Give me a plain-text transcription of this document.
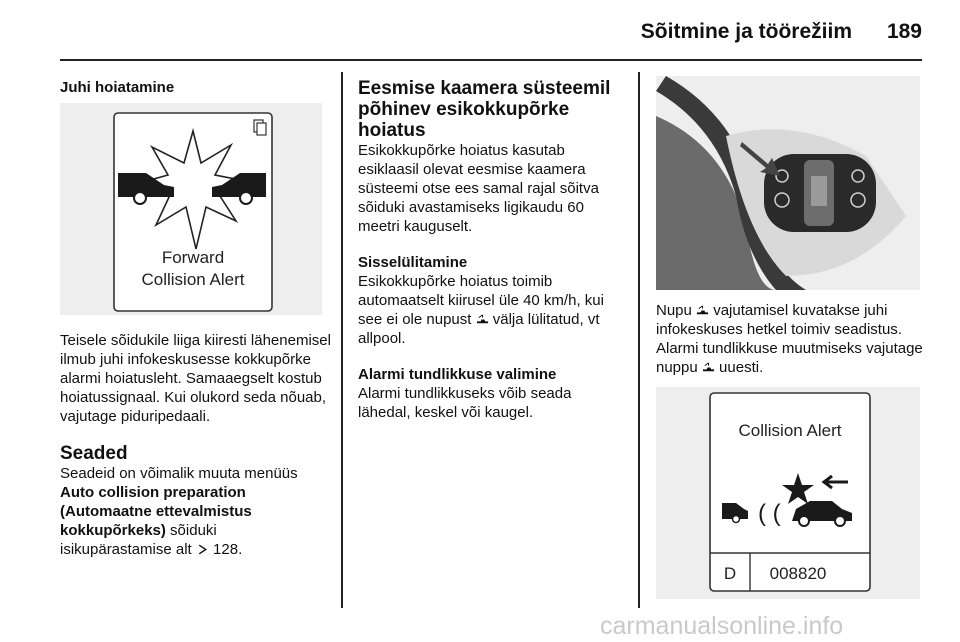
Sõitmine ja töörežiim	189
Juhi hoiatamine
Forward
Collision Alert

Teisele sõidukile liiga kiiresti lähenemisel ilmub juhi infokeskusesse kokkupõrke alarmi hoiatusleht. Samaaegselt kostub hoiatussignaal. Kui olukord seda nõuab, vajutage piduripedaali.

Seaded

Seadeid on võimalik muuta menüüs Auto collision preparation (Automaatne ettevalmistus kokkupõrkeks) sõiduki isikupärastamise alt  128.

Eesmise kaamera süsteemil põhinev esikokkupõrke hoiatus

Esikokkupõrke hoiatus kasutab esiklaasil olevat eesmise kaamera süsteemi otse ees samal rajal sõitva sõiduki avastamiseks ligikaudu 60 meetri kauguselt.

Sisselülitamine

Esikokkupõrke hoiatus toimib automaatselt kiirusel üle 40 km/h, kui see ei ole nupust  välja lülitatud, vt allpool.

Alarmi tundlikkuse valimine

Alarmi tundlikkuseks võib seada lähedal, keskel või kaugel.

Nupu  vajutamisel kuvatakse juhi infokeskuses hetkel toimiv seadistus. Alarmi tundlikkuse muutmiseks vajutage nuppu  uuesti.

Collision Alert
( (
D 008820
carmanualsonline.info
